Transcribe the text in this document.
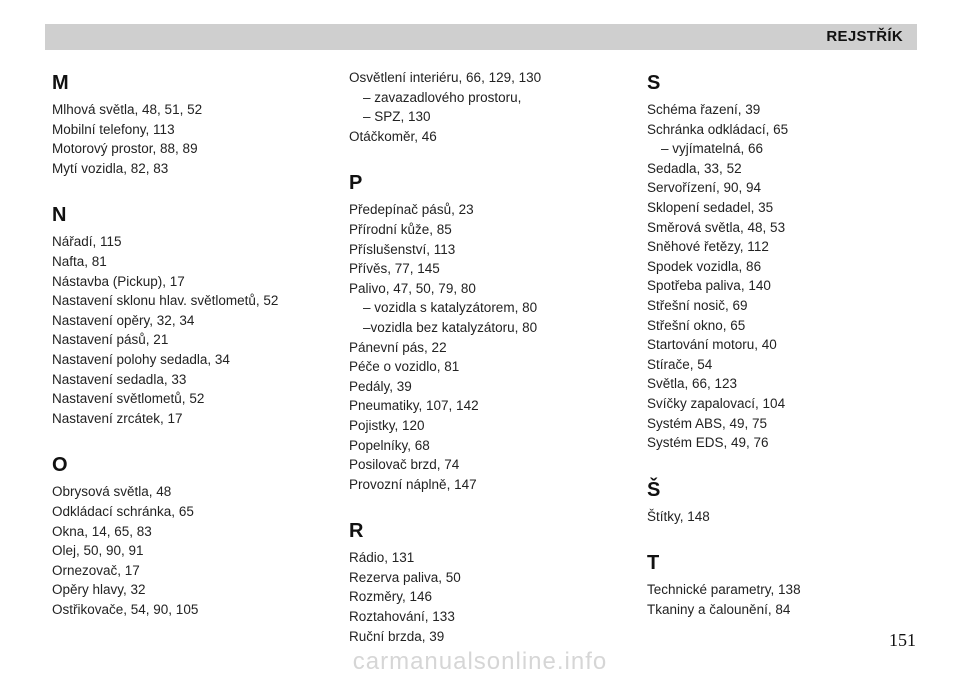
REJSTŘÍK
M
Mlhová světla, 48, 51, 52
Mobilní telefony, 113
Motorový prostor, 88, 89
Mytí vozidla, 82, 83
N
Nářadí, 115
Nafta, 81
Nástavba (Pickup), 17
Nastavení sklonu hlav. světlometů, 52
Nastavení opěry, 32, 34
Nastavení pásů, 21
Nastavení polohy sedadla, 34
Nastavení sedadla, 33
Nastavení světlometů, 52
Nastavení zrcátek, 17
O
Obrysová světla, 48
Odkládací schránka, 65
Okna, 14, 65, 83
Olej, 50, 90, 91
Ornezovač, 17
Opěry hlavy, 32
Ostřikovače, 54, 90, 105
Osvětlení interiéru, 66, 129, 130
– zavazadlového prostoru,
– SPZ, 130
Otáčkoměr, 46
P
Předepínač pásů, 23
Přírodní kůže, 85
Příslušenství, 113
Přívěs, 77, 145
Palivo, 47, 50, 79, 80
– vozidla s katalyzátorem, 80
–vozidla bez katalyzátoru, 80
Pánevní pás, 22
Péče o vozidlo, 81
Pedály, 39
Pneumatiky, 107, 142
Pojistky, 120
Popelníky, 68
Posilovač brzd, 74
Provozní náplně, 147
R
Rádio, 131
Rezerva paliva, 50
Rozměry, 146
Roztahování, 133
Ruční brzda, 39
S
Schéma řazení, 39
Schránka odkládací, 65
– vyjímatelná, 66
Sedadla, 33, 52
Servořízení, 90, 94
Sklopení sedadel, 35
Směrová světla, 48, 53
Sněhové řetězy, 112
Spodek vozidla, 86
Spotřeba paliva, 140
Střešní nosič, 69
Střešní okno, 65
Startování motoru, 40
Stírače, 54
Světla, 66, 123
Svíčky zapalovací, 104
Systém ABS, 49, 75
Systém EDS, 49, 76
Š
Štítky, 148
T
Technické parametry, 138
Tkaniny a čalounění, 84
151
carmanualsonline.info
